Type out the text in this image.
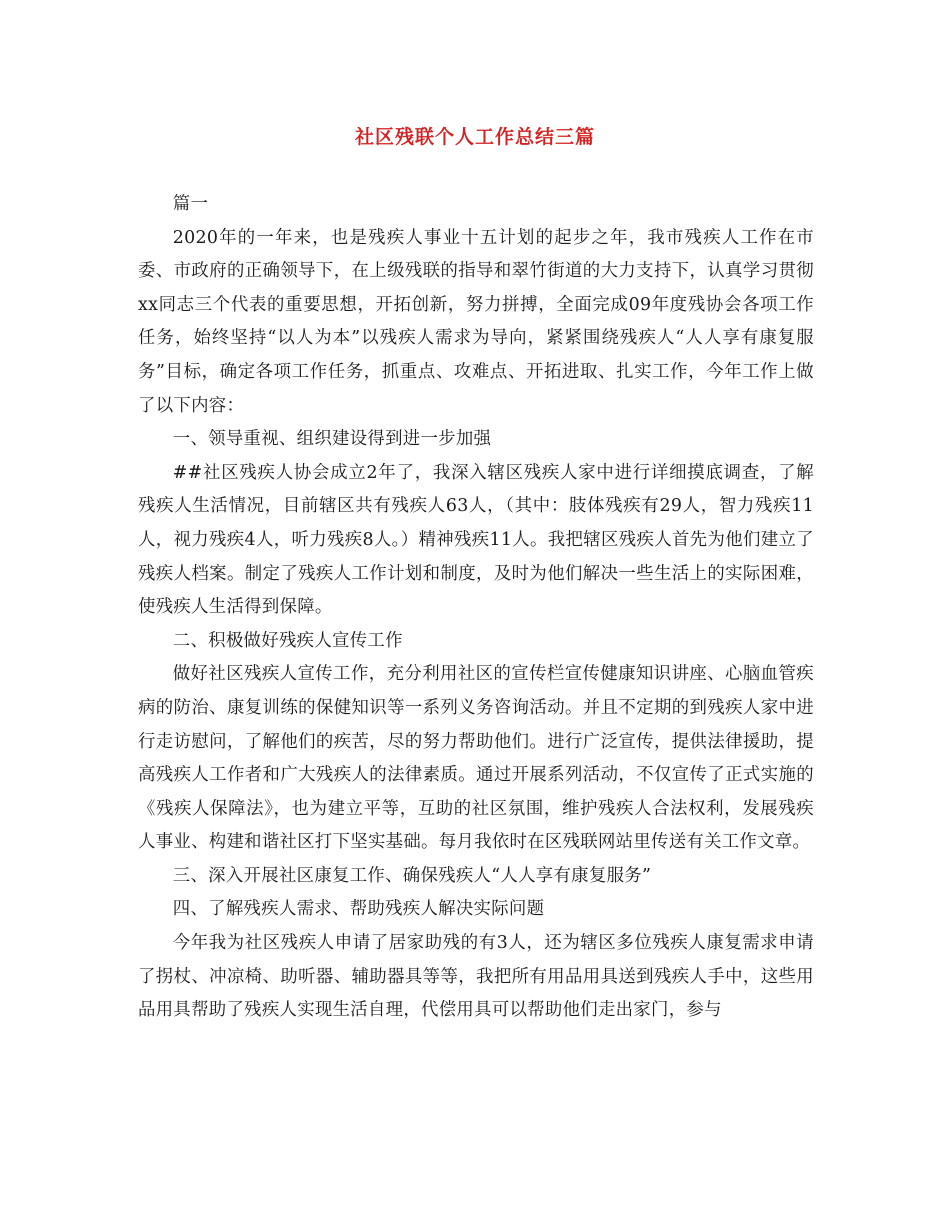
社区残联个人工作总结三篇

篇一

2020年的一年来，也是残疾人事业十五计划的起步之年，我市残疾人工作在市委、市政府的正确领导下，在上级残联的指导和翠竹街道的大力支持下，认真学习贯彻xx同志三个代表的重要思想，开拓创新，努力拼搏，全面完成09年度残协会各项工作任务，始终坚持“以人为本”以残疾人需求为导向，紧紧围绕残疾人“人人享有康复服务”目标，确定各项工作任务，抓重点、攻难点、开拓进取、扎实工作，今年工作上做了以下内容：

一、领导重视、组织建设得到进一步加强

##社区残疾人协会成立2年了，我深入辖区残疾人家中进行详细摸底调查，了解残疾人生活情况，目前辖区共有残疾人63人，（其中：肢体残疾有29人，智力残疾11人，视力残疾4人，听力残疾8人。）精神残疾11人。我把辖区残疾人首先为他们建立了残疾人档案。制定了残疾人工作计划和制度，及时为他们解决一些生活上的实际困难，使残疾人生活得到保障。

二、积极做好残疾人宣传工作

做好社区残疾人宣传工作，充分利用社区的宣传栏宣传健康知识讲座、心脑血管疾病的防治、康复训练的保健知识等一系列义务咨询活动。并且不定期的到残疾人家中进行走访慰问，了解他们的疾苦，尽的努力帮助他们。进行广泛宣传，提供法律援助，提高残疾人工作者和广大残疾人的法律素质。通过开展系列活动，不仅宣传了正式实施的《残疾人保障法》，也为建立平等，互助的社区氛围，维护残疾人合法权利，发展残疾人事业、构建和谐社区打下坚实基础。每月我依时在区残联网站里传送有关工作文章。

三、深入开展社区康复工作、确保残疾人“人人享有康复服务”

四、了解残疾人需求、帮助残疾人解决实际问题

今年我为社区残疾人申请了居家助残的有3人，还为辖区多位残疾人康复需求申请了拐杖、冲凉椅、助听器、辅助器具等等，我把所有用品用具送到残疾人手中，这些用品用具帮助了残疾人实现生活自理，代偿用具可以帮助他们走出家门，参与
